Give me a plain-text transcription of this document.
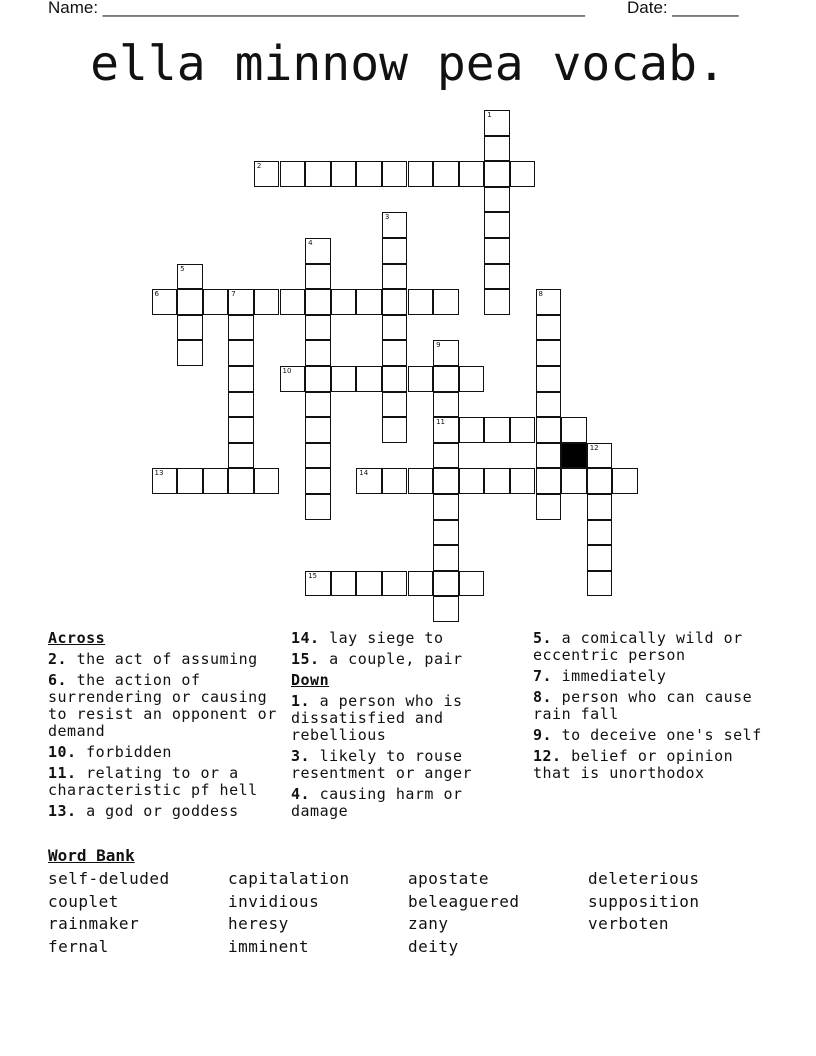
Name: ___________________________________________________ Date: _______
ella minnow pea vocab.
1
2
3
4
5
6	7	8
9
11
10
12
13	14
15
Across
2. the act of assuming
6. the action of surrendering or causing to resist an opponent or demand
10. forbidden
11. relating to or a characteristic pf hell
13. a god or goddess
14. lay siege to
15. a couple, pair
Down
1. a person who is dissatisfied and rebellious
3. likely to rouse resentment or anger
4. causing harm or damage
5. a comically wild or eccentric person
7. immediately
8. person who can cause rain fall
9. to deceive one's self
12. belief or opinion that is unorthodox
Word Bank
self-deluded	capitalation	apostate	deleterious
couplet	invidious	beleaguered	supposition
rainmaker	heresy	zany	verboten
fernal	imminent	deity
